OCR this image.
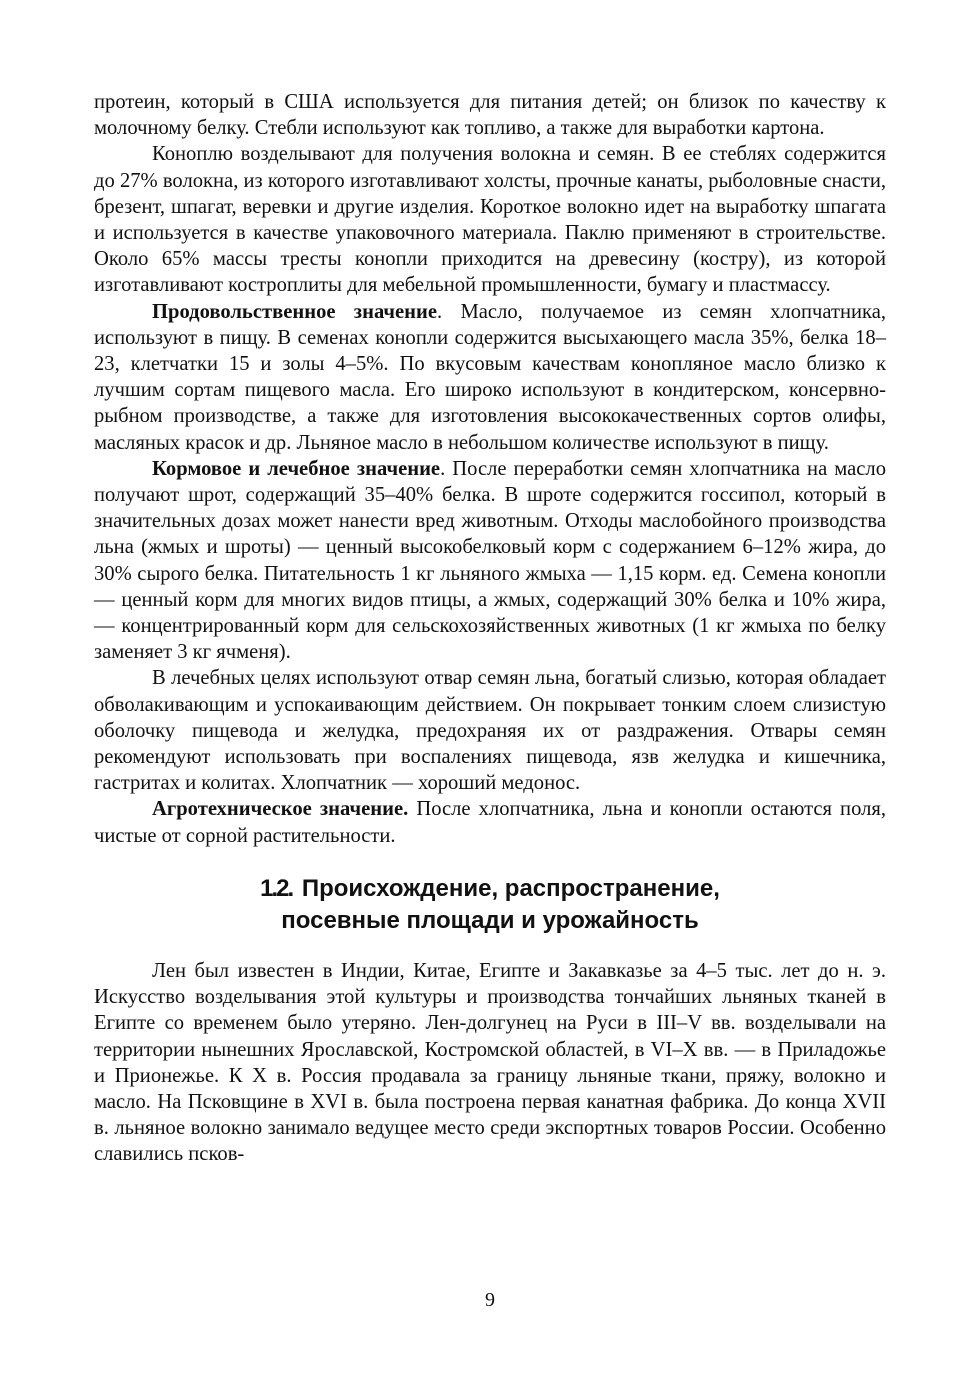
протеин, который в США используется для питания детей; он близок по качеству к молочному белку. Стебли используют как топливо, а также для выработки картона.

Коноплю возделывают для получения волокна и семян. В ее стеблях содержится до 27% волокна, из которого изготавливают холсты, прочные канаты, рыболовные снасти, брезент, шпагат, веревки и другие изделия. Короткое волокно идет на выработку шпагата и используется в качестве упаковочного материала. Паклю применяют в строительстве. Около 65% массы тресты конопли приходится на древесину (костру), из которой изготавливают костроплиты для мебельной промышленности, бумагу и пластмассу.

Продовольственное значение. Масло, получаемое из семян хлопчатника, используют в пищу. В семенах конопли содержится высыхающего масла 35%, белка 18–23, клетчатки 15 и золы 4–5%. По вкусовым качествам конопляное масло близко к лучшим сортам пищевого масла. Его широко используют в кондитерском, консервно-рыбном производстве, а также для изготовления высококачественных сортов олифы, масляных красок и др. Льняное масло в небольшом количестве используют в пищу.

Кормовое и лечебное значение. После переработки семян хлопчатника на масло получают шрот, содержащий 35–40% белка. В шроте содержится госсипол, который в значительных дозах может нанести вред животным. Отходы маслобойного производства льна (жмых и шроты) — ценный высокобелковый корм с содержанием 6–12% жира, до 30% сырого белка. Питательность 1 кг льняного жмыха — 1,15 корм. ед. Семена конопли — ценный корм для многих видов птицы, а жмых, содержащий 30% белка и 10% жира, — концентрированный корм для сельскохозяйственных животных (1 кг жмыха по белку заменяет 3 кг ячменя).

В лечебных целях используют отвар семян льна, богатый слизью, которая обладает обволакивающим и успокаивающим действием. Он покрывает тонким слоем слизистую оболочку пищевода и желудка, предохраняя их от раздражения. Отвары семян рекомендуют использовать при воспалениях пищевода, язв желудка и кишечника, гастритах и колитах. Хлопчатник — хороший медонос.

Агротехническое значение. После хлопчатника, льна и конопли остаются поля, чистые от сорной растительности.

1.2. Происхождение, распространение,
посевные площади и урожайность

Лен был известен в Индии, Китае, Египте и Закавказье за 4–5 тыс. лет до н. э. Искусство возделывания этой культуры и производства тончайших льняных тканей в Египте со временем было утеряно. Лен-долгунец на Руси в III–V вв. возделывали на территории нынешних Ярославской, Костромской областей, в VI–X вв. — в Приладожье и Прионежье. К X в. Россия продавала за границу льняные ткани, пряжу, волокно и масло. На Псковщине в XVI в. была построена первая канатная фабрика. До конца XVII в. льняное волокно занимало ведущее место среди экспортных товаров России. Особенно славились псков-

9
